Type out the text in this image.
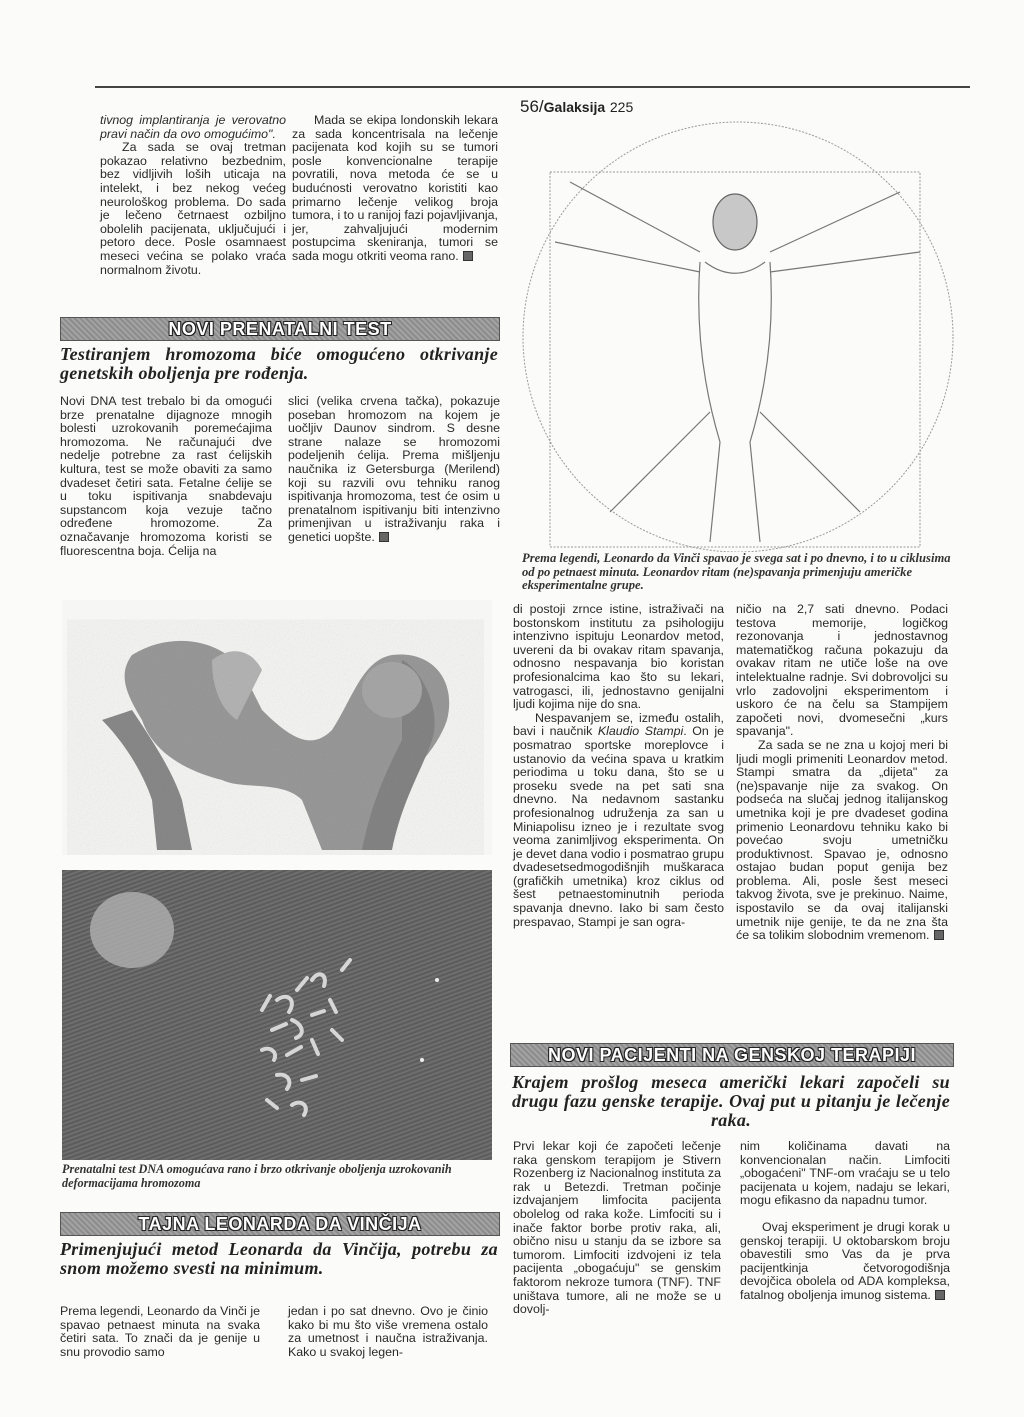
56/Galaksija 225

tivnog implantiranja je verovatno pravi način da ovo omogućimo".

Za sada se ovaj tretman pokazao relativno bezbednim, bez vidljivih loših uticaja na intelekt, i bez nekog većeg neurološkog problema. Do sada je lečeno četrnaest ozbiljno obolelih pacijenata, uključujući i petoro dece. Posle osamnaest meseci većina se polako vraća normalnom životu.

Mada se ekipa londonskih lekara za sada koncentrisala na lečenje pacijenata kod kojih su se tumori posle konvencionalne terapije povratili, nova metoda će se u budućnosti verovatno koristiti kao primarno lečenje velikog broja tumora, i to u ranijoj fazi pojavljivanja, jer, zahvaljujući modernim postupcima skeniranja, tumori se sada mogu otkriti veoma rano.

NOVI PRENATALNI TEST
Testiranjem hromozoma biće omogućeno otkrivanje genetskih oboljenja pre rođenja.

Novi DNA test trebalo bi da omogući brze prenatalne dijagnoze mnogih bolesti uzrokovanih poremećajima hromozoma. Ne računajući dve nedelje potrebne za rast ćelijskih kultura, test se može obaviti za samo dvadeset četiri sata. Fetalne ćelije se u toku ispitivanja snabdevaju supstancom koja vezuje tačno određene hromozome. Za označavanje hromozoma koristi se fluorescentna boja. Ćelija na

slici (velika crvena tačka), pokazuje poseban hromozom na kojem je uočljiv Daunov sindrom. S desne strane nalaze se hromozomi podeljenih ćelija. Prema mišljenju naučnika iz Getersburga (Merilend) koji su razvili ovu tehniku ranog ispitivanja hromozoma, test će osim u prenatalnom ispitivanju biti intenzivno primenjivan u istraživanju raka i genetici uopšte.

Prenatalni test DNA omogućava rano i brzo otkrivanje oboljenja uzrokovanih deformacijama hromozoma
TAJNA LEONARDA DA VINČIJA
Primenjujući metod Leonarda da Vinčija, potrebu za snom možemo svesti na minimum.

Prema legendi, Leonardo da Vinči je spavao petnaest minuta na svaka četiri sata. To znači da je genije u snu provodio samo

jedan i po sat dnevno. Ovo je činio kako bi mu što više vremena ostalo za umetnost i naučna istraživanja. Kako u svakoj legen-

Prema legendi, Leonardo da Vinči spavao je svega sat i po dnevno, i to u ciklusima od po petnaest minuta. Leonardov ritam (ne)spavanja primenjuju američke eksperimentalne grupe.

di postoji zrnce istine, istraživači na bostonskom institutu za psihologiju intenzivno ispituju Leonardov metod, uvereni da bi ovakav ritam spavanja, odnosno nespavanja bio koristan profesionalcima kao što su lekari, vatrogasci, ili, jednostavno genijalni ljudi kojima nije do sna.

Nespavanjem se, između ostalih, bavi i naučnik Klaudio Stampi. On je posmatrao sportske moreplovce i ustanovio da većina spava u kratkim periodima u toku dana, što se u proseku svede na pet sati sna dnevno. Na nedavnom sastanku profesionalnog udruženja za san u Miniapolisu izneo je i rezultate svog veoma zanimljivog eksperimenta. On je devet dana vodio i posmatrao grupu dvadesetsedmogodišnjih muškaraca (grafičkih umetnika) kroz ciklus od šest petnaestominutnih perioda spavanja dnevno. Iako bi sam često prespavao, Stampi je san ogra-

ničio na 2,7 sati dnevno. Podaci testova memorije, logičkog rezonovanja i jednostavnog matematičkog računa pokazuju da ovakav ritam ne utiče loše na ove intelektualne radnje. Svi dobrovoljci su vrlo zadovoljni eksperimentom i uskoro će na čelu sa Stampijem započeti novi, dvomesečni „kurs spavanja".

Za sada se ne zna u kojoj meri bi ljudi mogli primeniti Leonardov metod. Stampi smatra da „dijeta" za (ne)spavanje nije za svakog. On podseća na slučaj jednog italijanskog umetnika koji je pre dvadeset godina primenio Leonardovu tehniku kako bi povećao svoju umetničku produktivnost. Spavao je, odnosno ostajao budan poput genija bez problema. Ali, posle šest meseci takvog života, sve je prekinuo. Naime, ispostavilo se da ovaj italijanski umetnik nije genije, te da ne zna šta će sa tolikim slobodnim vremenom.

NOVI PACIJENTI NA GENSKOJ TERAPIJI
Krajem prošlog meseca američki lekari započeli su drugu fazu genske terapije. Ovaj put u pitanju je lečenje raka.

Prvi lekar koji će započeti lečenje raka genskom terapijom je Stivern Rozenberg iz Nacionalnog instituta za rak u Betezdi. Tretman počinje izdvajanjem limfocita pacijenta obolelog od raka kože. Limfociti su i inače faktor borbe protiv raka, ali, obično nisu u stanju da se izbore sa tumorom. Limfociti izdvojeni iz tela pacijenta „obogaćuju" se genskim faktorom nekroze tumora (TNF). TNF uništava tumore, ali ne može se u dovolj-

nim količinama davati na konvencionalan način. Limfociti „obogaćeni" TNF-om vraćaju se u telo pacijenata u kojem, nadaju se lekari, mogu efikasno da napadnu tumor.

Ovaj eksperiment je drugi korak u genskoj terapiji. U oktobarskom broju obavestili smo Vas da je prva pacijentkinja četvorogodišnja devojčica obolela od ADA kompleksa, fatalnog oboljenja imunog sistema.
